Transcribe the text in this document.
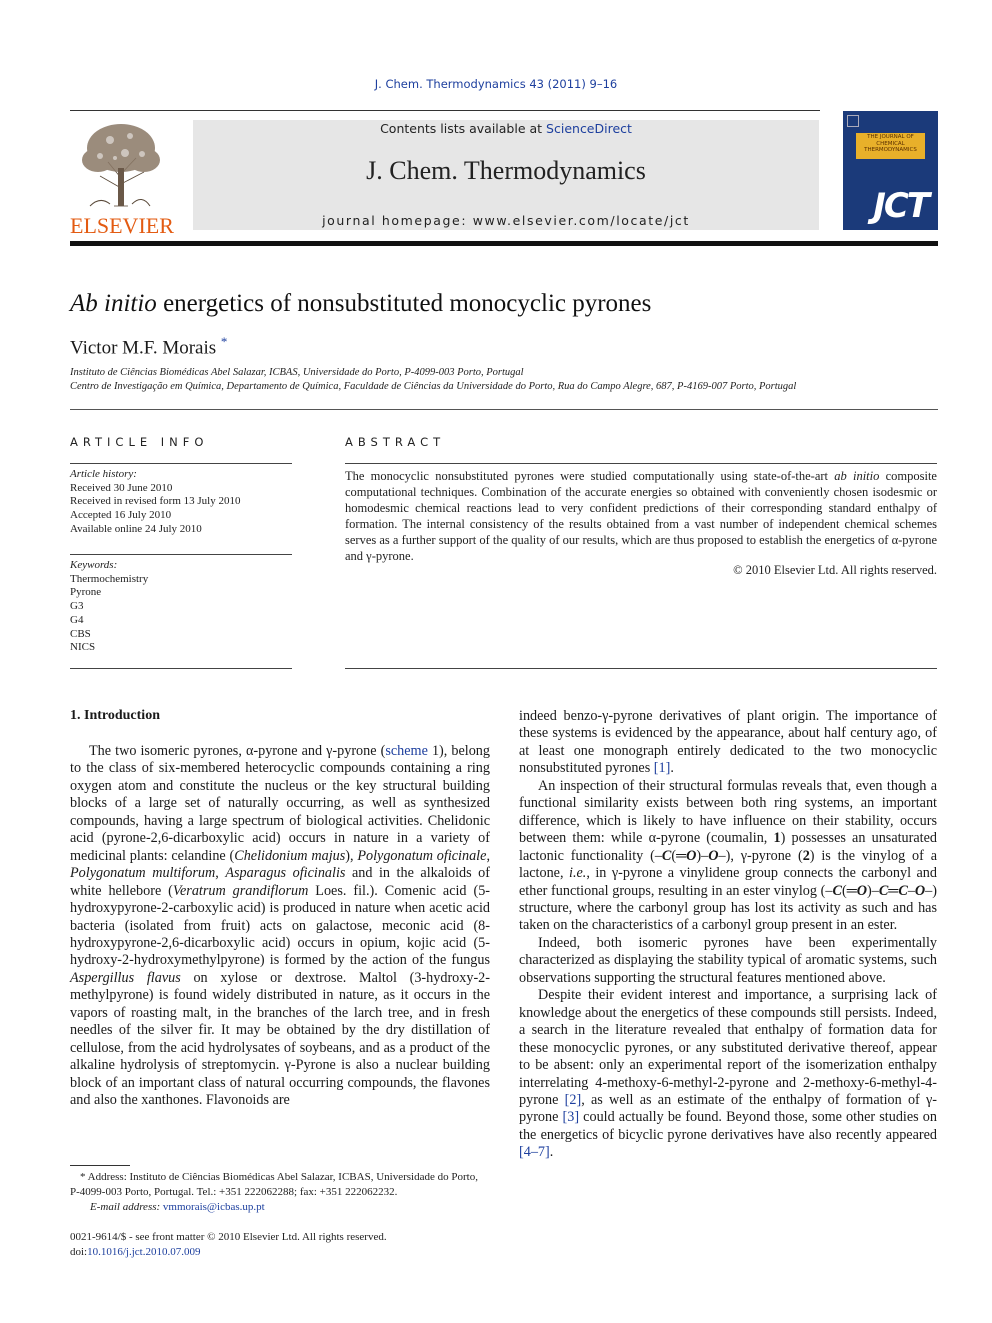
J. Chem. Thermodynamics 43 (2011) 9–16
ELSEVIER
Contents lists available at ScienceDirect
J. Chem. Thermodynamics
journal homepage: www.elsevier.com/locate/jct
THE JOURNAL OF CHEMICAL THERMODYNAMICS
JCT
Ab initio energetics of nonsubstituted monocyclic pyrones
Victor M.F. Morais *
Instituto de Ciências Biomédicas Abel Salazar, ICBAS, Universidade do Porto, P-4099-003 Porto, Portugal
Centro de Investigação em Química, Departamento de Química, Faculdade de Ciências da Universidade do Porto, Rua do Campo Alegre, 687, P-4169-007 Porto, Portugal
ARTICLE INFO
Article history:
Received 30 June 2010
Received in revised form 13 July 2010
Accepted 16 July 2010
Available online 24 July 2010
Keywords:
Thermochemistry
Pyrone
G3
G4
CBS
NICS
ABSTRACT
The monocyclic nonsubstituted pyrones were studied computationally using state-of-the-art ab initio composite computational techniques. Combination of the accurate energies so obtained with conveniently chosen isodesmic or homodesmic chemical reactions lead to very confident predictions of their corresponding standard enthalpy of formation. The internal consistency of the results obtained from a vast number of independent chemical schemes serves as a further support of the quality of our results, which are thus proposed to establish the energetics of α-pyrone and γ-pyrone.
© 2010 Elsevier Ltd. All rights reserved.
1. Introduction

The two isomeric pyrones, α-pyrone and γ-pyrone (scheme 1), belong to the class of six-membered heterocyclic compounds containing a ring oxygen atom and constitute the nucleus or the key structural building blocks of a large set of naturally occurring, as well as synthesized compounds, having a large spectrum of biological activities. Chelidonic acid (pyrone-2,6-dicarboxylic acid) occurs in nature in a variety of medicinal plants: celandine (Chelidonium majus), Polygonatum oficinale, Polygonatum multiforum, Asparagus oficinalis and in the alkaloids of white hellebore (Veratrum grandiflorum Loes. fil.). Comenic acid (5-hydroxypyrone-2-carboxylic acid) is produced in nature when acetic acid bacteria (isolated from fruit) acts on galactose, meconic acid (8-hydroxypyrone-2,6-dicarboxylic acid) occurs in opium, kojic acid (5-hydroxy-2-hydroxymethylpyrone) is formed by the action of the fungus Aspergillus flavus on xylose or dextrose. Maltol (3-hydroxy-2-methylpyrone) is found widely distributed in nature, as it occurs in the vapors of roasting malt, in the branches of the larch tree, and in fresh needles of the silver fir. It may be obtained by the dry distillation of cellulose, from the acid hydrolysates of soybeans, and as a product of the alkaline hydrolysis of streptomycin. γ-Pyrone is also a nuclear building block of an important class of natural occurring compounds, the flavones and also the xanthones. Flavonoids are

indeed benzo-γ-pyrone derivatives of plant origin. The importance of these systems is evidenced by the appearance, about half century ago, of at least one monograph entirely dedicated to the two monocyclic nonsubstituted pyrones [1].

An inspection of their structural formulas reveals that, even though a functional similarity exists between both ring systems, an important difference, which is likely to have influence on their stability, occurs between them: while α-pyrone (coumalin, 1) possesses an unsaturated lactonic functionality (–C(═O)–O–), γ-pyrone (2) is the vinylog of a lactone, i.e., in γ-pyrone a vinylidene group connects the carbonyl and ether functional groups, resulting in an ester vinylog (–C(═O)–C═C–O–) structure, where the carbonyl group has lost its activity as such and has taken on the characteristics of a carbonyl group present in an ester.

Indeed, both isomeric pyrones have been experimentally characterized as displaying the stability typical of aromatic systems, such observations supporting the structural features mentioned above.

Despite their evident interest and importance, a surprising lack of knowledge about the energetics of these compounds still persists. Indeed, a search in the literature revealed that enthalpy of formation data for these monocyclic pyrones, or any substituted derivative thereof, appear to be absent: only an experimental report of the isomerization enthalpy interrelating 4-methoxy-6-methyl-2-pyrone and 2-methoxy-6-methyl-4-pyrone [2], as well as an estimate of the enthalpy of formation of γ-pyrone [3] could actually be found. Beyond those, some other studies on the energetics of bicyclic pyrone derivatives have also recently appeared [4–7].

* Address: Instituto de Ciências Biomédicas Abel Salazar, ICBAS, Universidade do Porto, P-4099-003 Porto, Portugal. Tel.: +351 222062288; fax: +351 222062232.
E-mail address: vmmorais@icbas.up.pt
0021-9614/$ - see front matter © 2010 Elsevier Ltd. All rights reserved.
doi:10.1016/j.jct.2010.07.009
